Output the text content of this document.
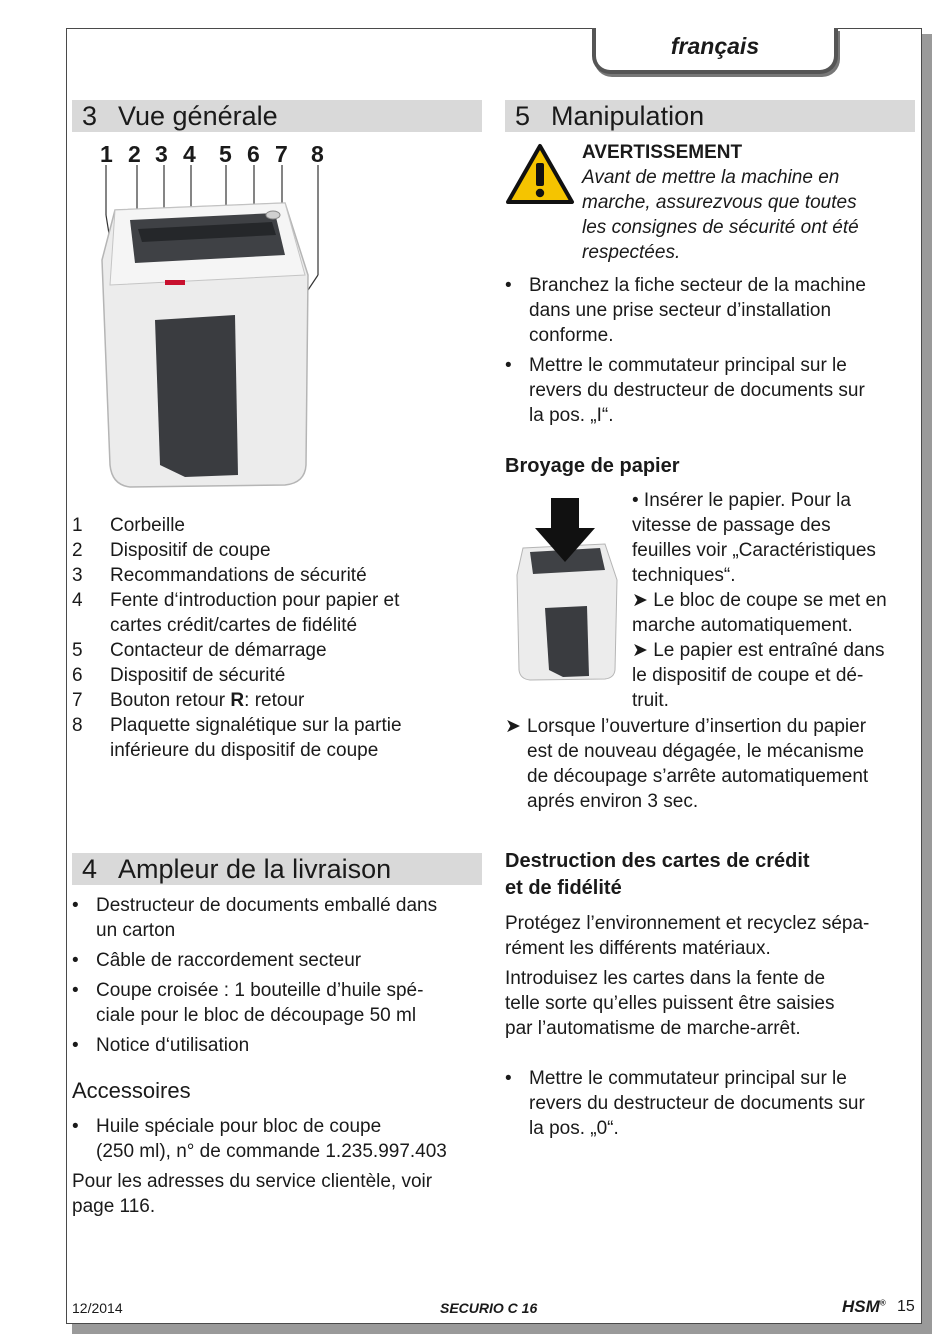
français
3 Vue générale
1 2 3 4 5 6 7 8
1	Corbeille
2	Dispositif de coupe
3	Recommandations de sécurité
4	Fente d‘introduction pour papier et
cartes crédit/cartes de fidélité
5	Contacteur de démarrage
6	Dispositif de sécurité
7	Bouton retour R: retour
8	Plaquette signalétique sur la partie
inférieure du dispositif de coupe
4 Ampleur de la livraison
• Destructeur de documents emballé dans
un carton
• Câble de raccordement secteur
• Coupe croisée : 1 bouteille d’huile spé-
ciale pour le bloc de découpage 50 ml
• Notice d‘utilisation
Accessoires
• Huile spéciale pour bloc de coupe
(250 ml), n° de commande 1.235.997.403
Pour les adresses du service clientèle, voir
page 116.
5 Manipulation
AVERTISSEMENT
Avant de mettre la machine en
marche, assurezvous que toutes
les consignes de sécurité ont été
respectées.
• Branchez la fiche secteur de la machine
dans une prise secteur d’installation
conforme.
• Mettre le commutateur principal sur le
revers du destructeur de documents sur
la pos. „I“.
Broyage de papier
• Insérer le papier. Pour la
vitesse de passage des
feuilles voir „Caractéristiques
techniques“.
➤ Le bloc de coupe se met en
marche automatiquement.
➤ Le papier est entraîné dans
le dispositif de coupe et dé-
truit.
➤ Lorsque l’ouverture d’insertion du papier
est de nouveau dégagée, le mécanisme
de découpage s’arrête automatiquement
aprés environ 3 sec.
Destruction des cartes de crédit
et de fidélité
Protégez l’environnement et recyclez sépa-
rément les différents matériaux.
Introduisez les cartes dans la fente de
telle sorte qu’elles puissent être saisies
par l’automatisme de marche-arrêt.
• Mettre le commutateur principal sur le
revers du destructeur de documents sur
la pos. „0“.
12/2014	SECURIO C 16	HSM® 15
